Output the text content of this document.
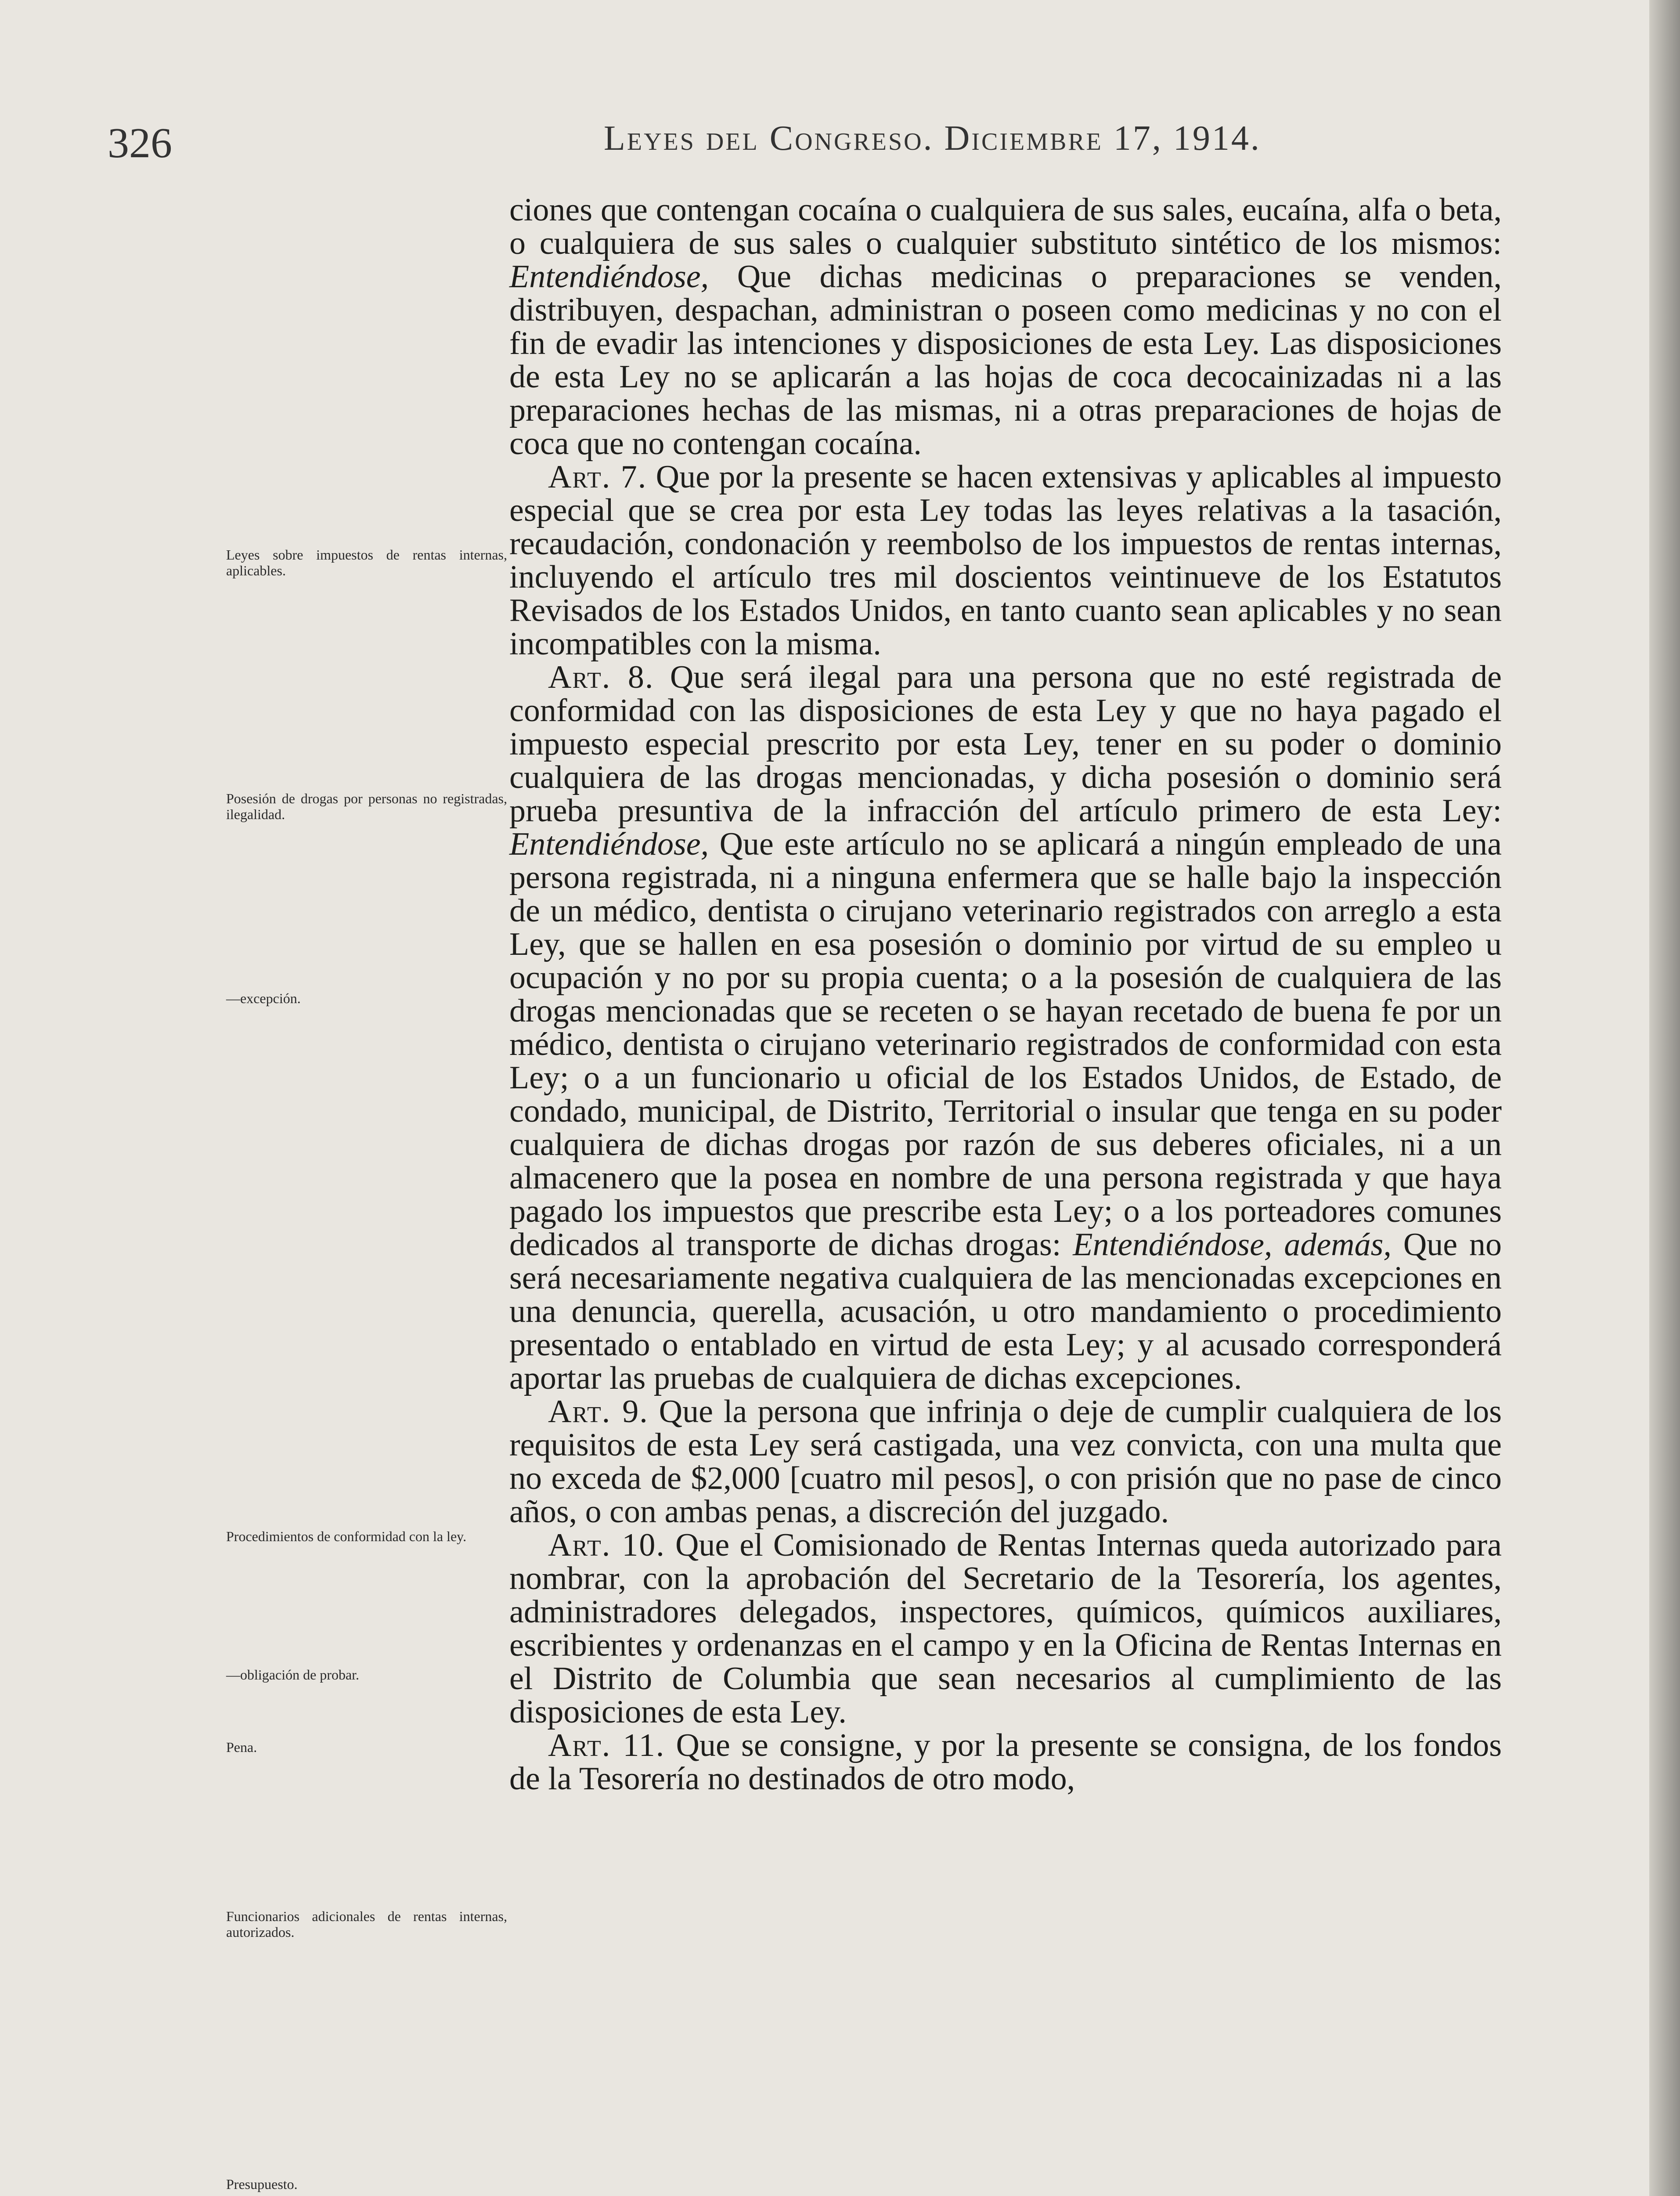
326	Leyes del Congreso. Diciembre 17, 1914.
Leyes sobre impuestos de rentas internas, aplicables.
Posesión de drogas por personas no registradas, ilegalidad.
—excepción.
Procedimientos de conformidad con la ley.
—obligación de probar.
Pena.
Funcionarios adicionales de rentas internas, autorizados.
Presupuesto.

ciones que contengan cocaína o cualquiera de sus sales, eucaína, alfa o beta, o cualquiera de sus sales o cualquier substituto sintético de los mismos: Entendiéndose, Que dichas medicinas o preparaciones se venden, distribuyen, despachan, administran o poseen como medicinas y no con el fin de evadir las intenciones y disposiciones de esta Ley. Las disposiciones de esta Ley no se aplicarán a las hojas de coca decocainizadas ni a las preparaciones hechas de las mismas, ni a otras preparaciones de hojas de coca que no contengan cocaína.

Art. 7. Que por la presente se hacen extensivas y aplicables al impuesto especial que se crea por esta Ley todas las leyes relativas a la tasación, recaudación, condonación y reembolso de los impuestos de rentas internas, incluyendo el artículo tres mil doscientos veintinueve de los Estatutos Revisados de los Estados Unidos, en tanto cuanto sean aplicables y no sean incompatibles con la misma.

Art. 8. Que será ilegal para una persona que no esté registrada de conformidad con las disposiciones de esta Ley y que no haya pagado el impuesto especial prescrito por esta Ley, tener en su poder o dominio cualquiera de las drogas mencionadas, y dicha posesión o dominio será prueba presuntiva de la infracción del artículo primero de esta Ley: Entendiéndose, Que este artículo no se aplicará a ningún empleado de una persona registrada, ni a ninguna enfermera que se halle bajo la inspección de un médico, dentista o cirujano veterinario registrados con arreglo a esta Ley, que se hallen en esa posesión o dominio por virtud de su empleo u ocupación y no por su propia cuenta; o a la posesión de cualquiera de las drogas mencionadas que se receten o se hayan recetado de buena fe por un médico, dentista o cirujano veterinario registrados de conformidad con esta Ley; o a un funcionario u oficial de los Estados Unidos, de Estado, de condado, municipal, de Distrito, Territorial o insular que tenga en su poder cualquiera de dichas drogas por razón de sus deberes oficiales, ni a un almacenero que la posea en nombre de una persona registrada y que haya pagado los impuestos que prescribe esta Ley; o a los porteadores comunes dedicados al transporte de dichas drogas: Entendiéndose, además, Que no será necesariamente negativa cualquiera de las mencionadas excepciones en una denuncia, querella, acusación, u otro mandamiento o procedimiento presentado o entablado en virtud de esta Ley; y al acusado corresponderá aportar las pruebas de cualquiera de dichas excepciones.

Art. 9. Que la persona que infrinja o deje de cumplir cualquiera de los requisitos de esta Ley será castigada, una vez convicta, con una multa que no exceda de $2,000 [cuatro mil pesos], o con prisión que no pase de cinco años, o con ambas penas, a discreción del juzgado.

Art. 10. Que el Comisionado de Rentas Internas queda autorizado para nombrar, con la aprobación del Secretario de la Tesorería, los agentes, administradores delegados, inspectores, químicos, químicos auxiliares, escribientes y ordenanzas en el campo y en la Oficina de Rentas Internas en el Distrito de Columbia que sean necesarios al cumplimiento de las disposiciones de esta Ley.

Art. 11. Que se consigne, y por la presente se consigna, de los fondos de la Tesorería no destinados de otro modo,
